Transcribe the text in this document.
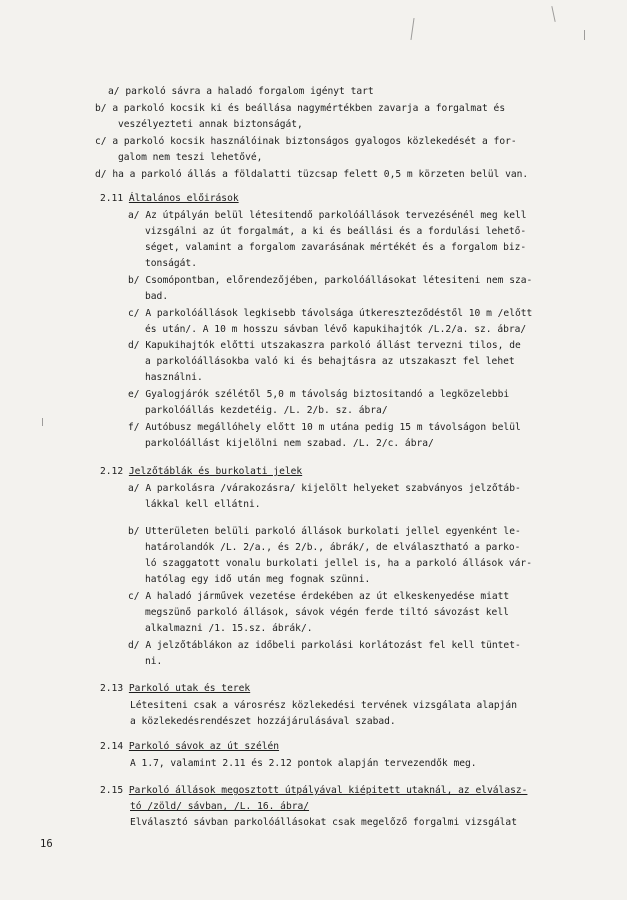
a/ parkoló sávra a haladó forgalom igényt tart
b/ a parkoló kocsik ki és beállása nagymértékben zavarja a forgalmat és
veszélyezteti annak biztonságát,
c/ a parkoló kocsik használóinak biztonságos gyalogos közlekedését a for-
galom nem teszi lehetővé,
d/ ha a parkoló állás a földalatti tüzcsap felett 0,5 m körzeten belül van.
2.11 Általános előirások
a/ Az útpályán belül létesitendő parkolóállások tervezésénél meg kell
vizsgálni az út forgalmát, a ki és beállási és a fordulási lehető-
séget, valamint a forgalom zavarásának mértékét és a forgalom biz-
tonságát.
b/ Csomópontban, előrendezőjében, parkolóállásokat létesiteni nem sza-
bad.
c/ A parkolóállások legkisebb távolsága útkereszteződéstől 10 m /előtt
és után/. A 10 m hosszu sávban lévő kapukihajtók /L.2/a. sz. ábra/
d/ Kapukihajtók előtti utszakaszra parkoló állást tervezni tilos, de
a parkolóállásokba való ki és behajtásra az utszakaszt fel lehet
használni.
e/ Gyalogjárók szélétől 5,0 m távolság biztositandó a legközelebbi
parkolóállás kezdetéig. /L. 2/b. sz. ábra/
f/ Autóbusz megállóhely előtt 10 m utána pedig 15 m távolságon belül
parkolóállást kijelölni nem szabad. /L. 2/c. ábra/
2.12 Jelzőtáblák és burkolati jelek
a/ A parkolásra /várakozásra/ kijelölt helyeket szabványos jelzőtáb-
lákkal kell ellátni.
b/ Utterületen belüli parkoló állások burkolati jellel egyenként le-
határolandók /L. 2/a., és 2/b., ábrák/, de elválasztható a parko-
ló szaggatott vonalu burkolati jellel is, ha a parkoló állások vár-
hatólag egy idő után meg fognak szünni.
c/ A haladó járművek vezetése érdekében az út elkeskenyedése miatt
megszünő parkoló állások, sávok végén ferde tiltó sávozást kell
alkalmazni /1. 15.sz. ábrák/.
d/ A jelzőtáblákon az időbeli parkolási korlátozást fel kell tüntet-
ni.
2.13 Parkoló utak és terek
Létesiteni csak a városrész közlekedési tervének vizsgálata alapján
a közlekedésrendészet hozzájárulásával szabad.
2.14 Parkoló sávok az út szélén
A 1.7, valamint 2.11 és 2.12 pontok alapján tervezendők meg.
2.15 Parkoló állások megosztott útpályával kiépitett utaknál, az elválasz-
tó /zöld/ sávban, /L. 16. ábra/
Elválasztó sávban parkolóállásokat csak megelőző forgalmi vizsgálat
16
